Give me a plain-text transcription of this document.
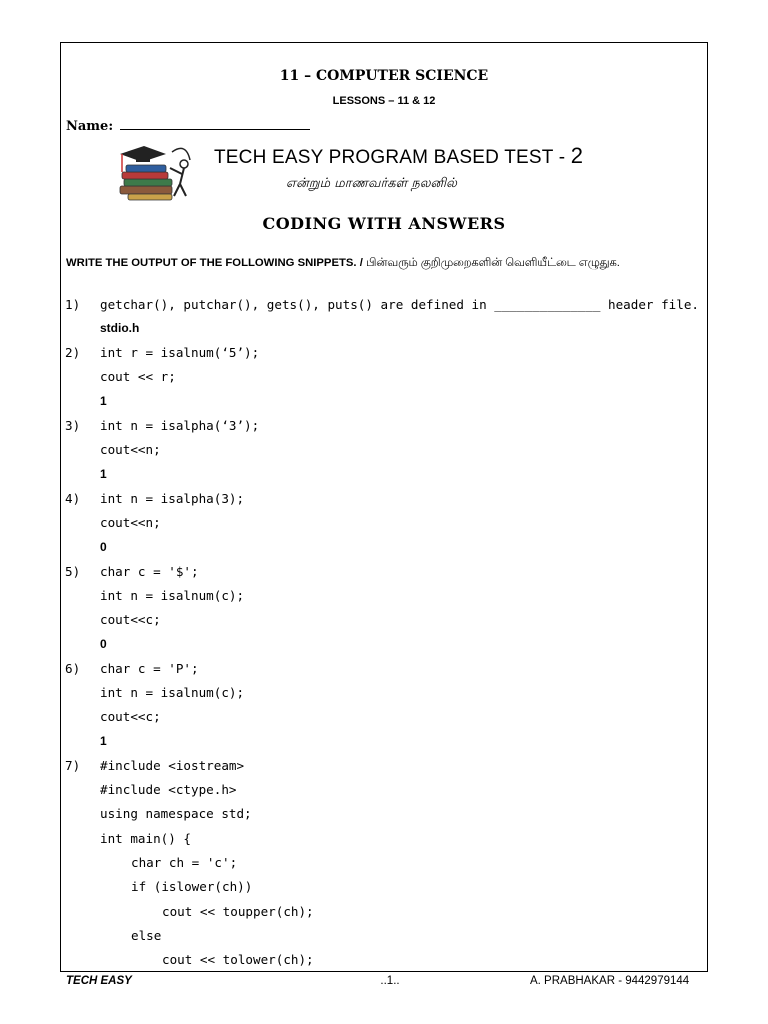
11 – COMPUTER SCIENCE
LESSONS – 11 & 12
Name:
TECH EASY PROGRAM BASED TEST - 2
என்றும் மாணவர்கள் நலனில்
CODING WITH ANSWERS
WRITE THE OUTPUT OF THE FOLLOWING SNIPPETS. / பின்வரும் குறிமுறைகளின் வெளியீட்டை எழுதுக.
1) getchar(), putchar(), gets(), puts() are defined in ______________ header file.
stdio.h
2) int r = isalnum(‘5’);
cout << r;
1
3) int n = isalpha(‘3’);
cout<<n;
1
4) int n = isalpha(3);
cout<<n;
0
5) char c = '$';
int n = isalnum(c);
cout<<c;
0
6) char c = 'P';
int n = isalnum(c);
cout<<c;
1
7) #include <iostream>
#include <ctype.h>
using namespace std;
int main() {
char ch = 'c';
if (islower(ch))
cout << toupper(ch);
else
cout << tolower(ch);
TECH EASY	..1..	A. PRABHAKAR - 9442979144
